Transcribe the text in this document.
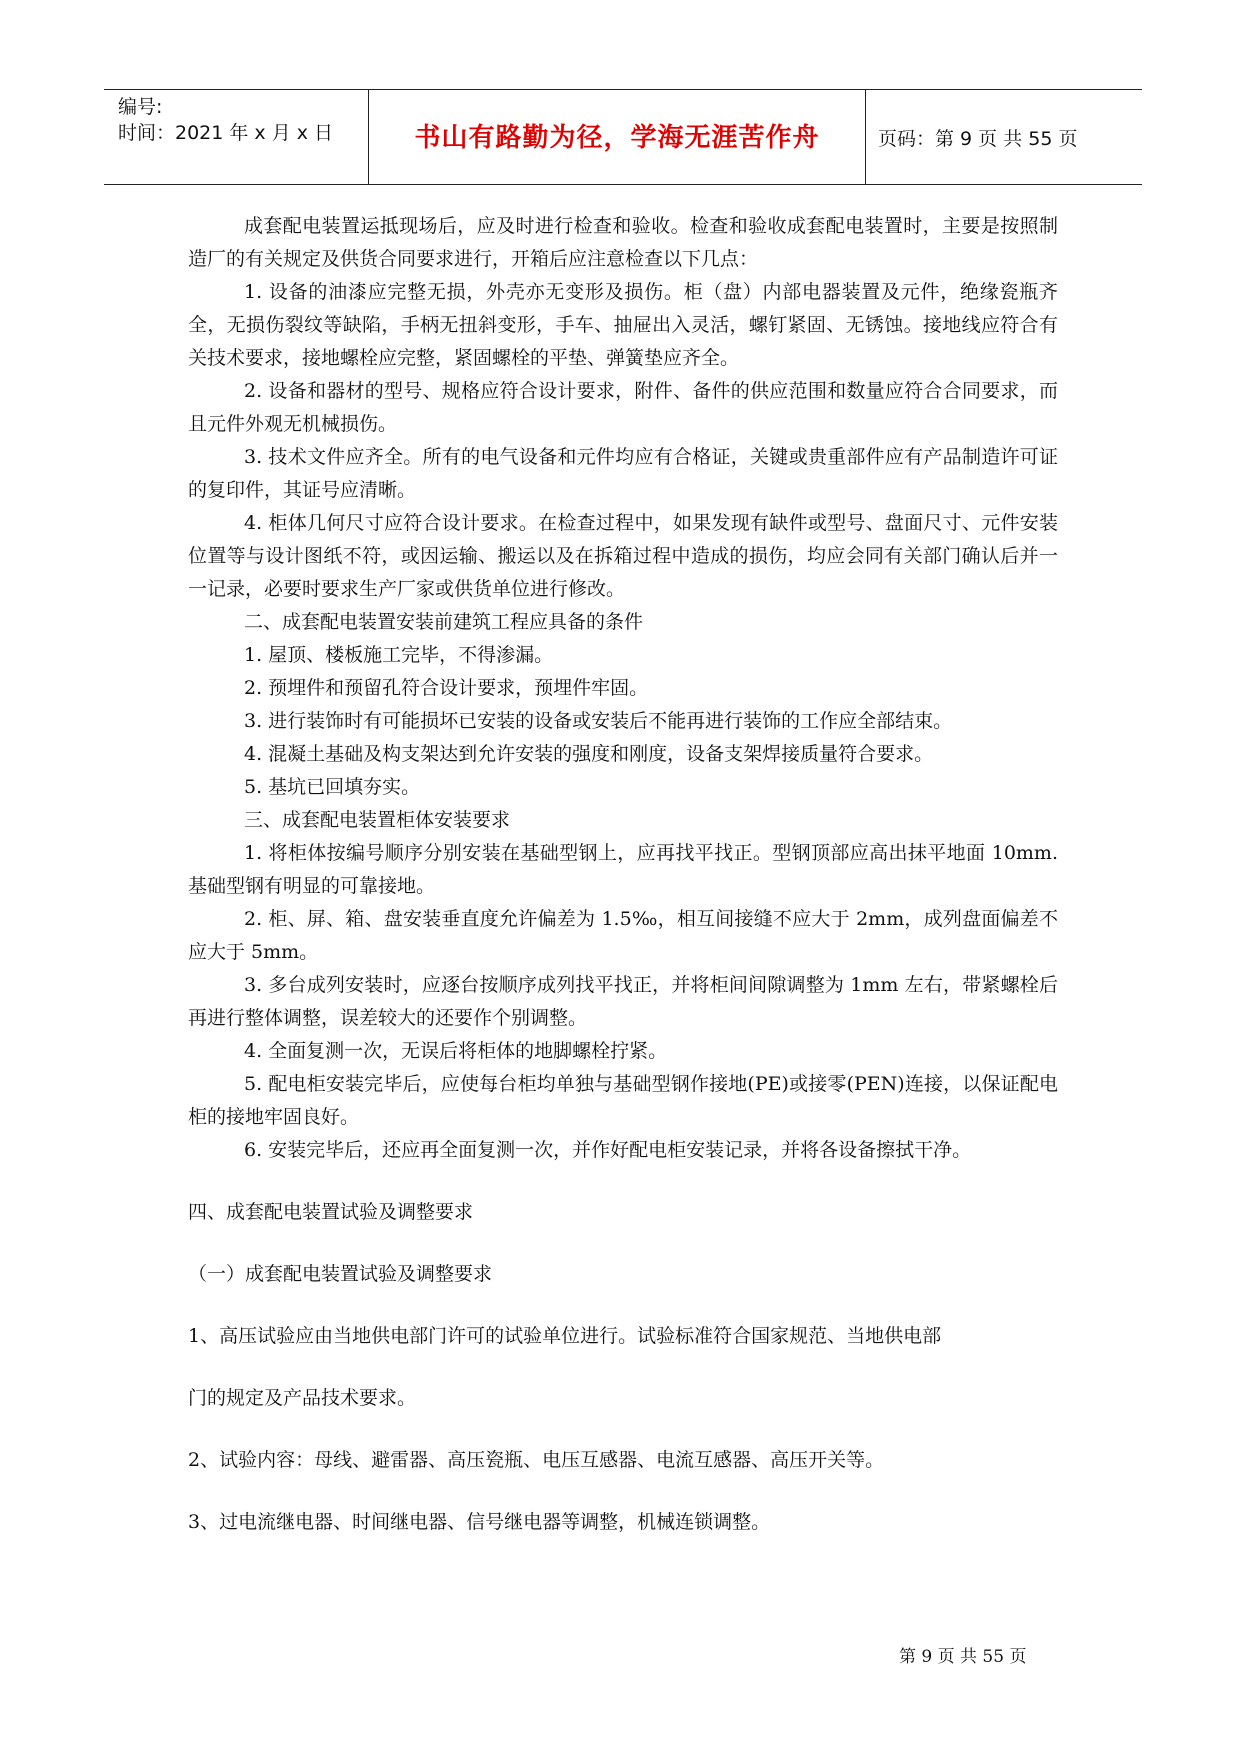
编号:
时间：2021 年 x 月 x 日	书山有路勤为径，学海无涯苦作舟	页码：第 9 页 共 55 页
成套配电装置运抵现场后，应及时进行检查和验收。检查和验收成套配电装置时，主要是按照制造厂的有关规定及供货合同要求进行，开箱后应注意检查以下几点：
1. 设备的油漆应完整无损，外壳亦无变形及损伤。柜（盘）内部电器装置及元件，绝缘瓷瓶齐全，无损伤裂纹等缺陷，手柄无扭斜变形，手车、抽屉出入灵活，螺钉紧固、无锈蚀。接地线应符合有关技术要求，接地螺栓应完整，紧固螺栓的平垫、弹簧垫应齐全。
2. 设备和器材的型号、规格应符合设计要求，附件、备件的供应范围和数量应符合合同要求，而且元件外观无机械损伤。
3. 技术文件应齐全。所有的电气设备和元件均应有合格证，关键或贵重部件应有产品制造许可证的复印件，其证号应清晰。
4. 柜体几何尺寸应符合设计要求。在检查过程中，如果发现有缺件或型号、盘面尺寸、元件安装位置等与设计图纸不符，或因运输、搬运以及在拆箱过程中造成的损伤，均应会同有关部门确认后并一一记录，必要时要求生产厂家或供货单位进行修改。
二、成套配电装置安装前建筑工程应具备的条件
1. 屋顶、楼板施工完毕，不得渗漏。
2. 预埋件和预留孔符合设计要求，预埋件牢固。
3. 进行装饰时有可能损坏已安装的设备或安装后不能再进行装饰的工作应全部结束。
4. 混凝土基础及构支架达到允许安装的强度和刚度，设备支架焊接质量符合要求。
5. 基坑已回填夯实。
三、成套配电装置柜体安装要求
1. 将柜体按编号顺序分别安装在基础型钢上，应再找平找正。型钢顶部应高出抹平地面 10mm. 基础型钢有明显的可靠接地。
2. 柜、屏、箱、盘安装垂直度允许偏差为 1.5‰，相互间接缝不应大于 2mm，成列盘面偏差不应大于 5mm。
3. 多台成列安装时，应逐台按顺序成列找平找正，并将柜间间隙调整为 1mm 左右，带紧螺栓后再进行整体调整，误差较大的还要作个别调整。
4. 全面复测一次，无误后将柜体的地脚螺栓拧紧。
5. 配电柜安装完毕后，应使每台柜均单独与基础型钢作接地(PE)或接零(PEN)连接，以保证配电柜的接地牢固良好。
6. 安装完毕后，还应再全面复测一次，并作好配电柜安装记录，并将各设备擦拭干净。
四、成套配电装置试验及调整要求
（一）成套配电装置试验及调整要求
1、高压试验应由当地供电部门许可的试验单位进行。试验标准符合国家规范、当地供电部
门的规定及产品技术要求。
2、试验内容：母线、避雷器、高压瓷瓶、电压互感器、电流互感器、高压开关等。
3、过电流继电器、时间继电器、信号继电器等调整，机械连锁调整。
第 9 页 共 55 页
